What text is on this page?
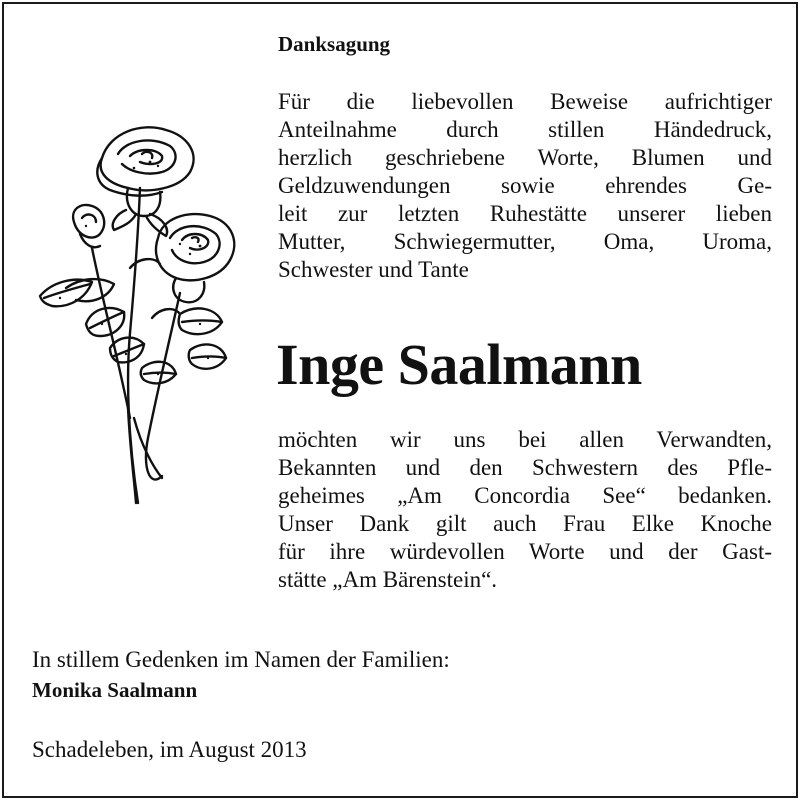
Danksagung
Für die liebevollen Beweise aufrichtiger
Anteilnahme durch stillen Händedruck,
herzlich geschriebene Worte, Blumen und
Geldzuwendungen sowie ehrendes Ge-
leit zur letzten Ruhestätte unserer lieben
Mutter, Schwiegermutter, Oma, Uroma,
Schwester und Tante
Inge Saalmann
möchten wir uns bei allen Verwandten,
Bekannten und den Schwestern des Pfle-
geheimes „Am Concordia See“ bedanken.
Unser Dank gilt auch Frau Elke Knoche
für ihre würdevollen Worte und der Gast-
stätte „Am Bärenstein“.
In stillem Gedenken im Namen der Familien:
Monika Saalmann
Schadeleben, im August 2013
